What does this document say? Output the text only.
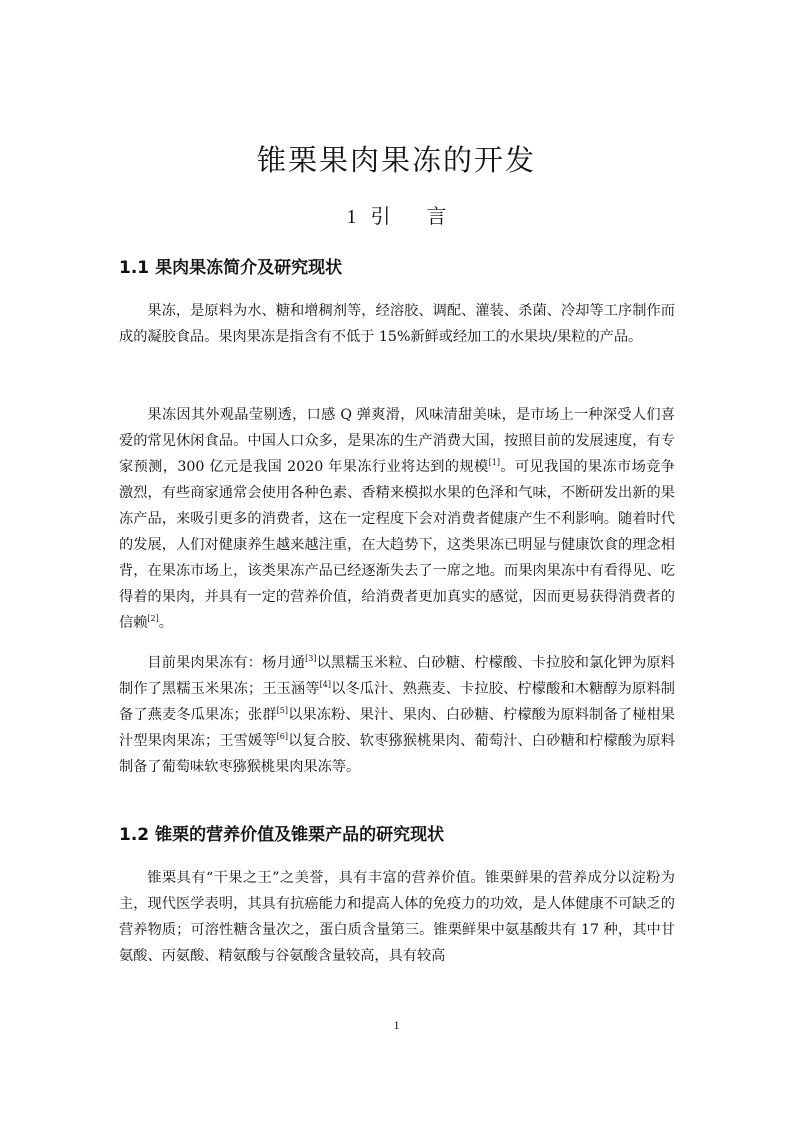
锥栗果肉果冻的开发
1 引 言
1.1 果肉果冻简介及研究现状

果冻，是原料为水、糖和增稠剂等，经溶胶、调配、灌装、杀菌、冷却等工序制作而成的凝胶食品。果肉果冻是指含有不低于 15%新鲜或经加工的水果块/果粒的产品。

果冻因其外观晶莹剔透，口感 Q 弹爽滑，风味清甜美味，是市场上一种深受人们喜爱的常见休闲食品。中国人口众多，是果冻的生产消费大国，按照目前的发展速度，有专家预测，300 亿元是我国 2020 年果冻行业将达到的规模[1]。可见我国的果冻市场竞争激烈，有些商家通常会使用各种色素、香精来模拟水果的色泽和气味，不断研发出新的果冻产品，来吸引更多的消费者，这在一定程度下会对消费者健康产生不利影响。随着时代的发展，人们对健康养生越来越注重，在大趋势下，这类果冻已明显与健康饮食的理念相背，在果冻市场上，该类果冻产品已经逐渐失去了一席之地。而果肉果冻中有看得见、吃得着的果肉，并具有一定的营养价值，给消费者更加真实的感觉，因而更易获得消费者的信赖[2]。

目前果肉果冻有：杨月通[3]以黑糯玉米粒、白砂糖、柠檬酸、卡拉胶和氯化钾为原料制作了黑糯玉米果冻；王玉涵等[4]以冬瓜汁、熟燕麦、卡拉胶、柠檬酸和木糖醇为原料制备了燕麦冬瓜果冻；张群[5]以果冻粉、果汁、果肉、白砂糖、柠檬酸为原料制备了椪柑果汁型果肉果冻；王雪媛等[6]以复合胶、软枣猕猴桃果肉、葡萄汁、白砂糖和柠檬酸为原料制备了葡萄味软枣猕猴桃果肉果冻等。

1.2 锥栗的营养价值及锥栗产品的研究现状

锥栗具有“干果之王”之美誉，具有丰富的营养价值。锥栗鲜果的营养成分以淀粉为主，现代医学表明，其具有抗癌能力和提高人体的免疫力的功效，是人体健康不可缺乏的营养物质；可溶性糖含量次之，蛋白质含量第三。锥栗鲜果中氨基酸共有 17 种，其中甘氨酸、丙氨酸、精氨酸与谷氨酸含量较高，具有较高

1
